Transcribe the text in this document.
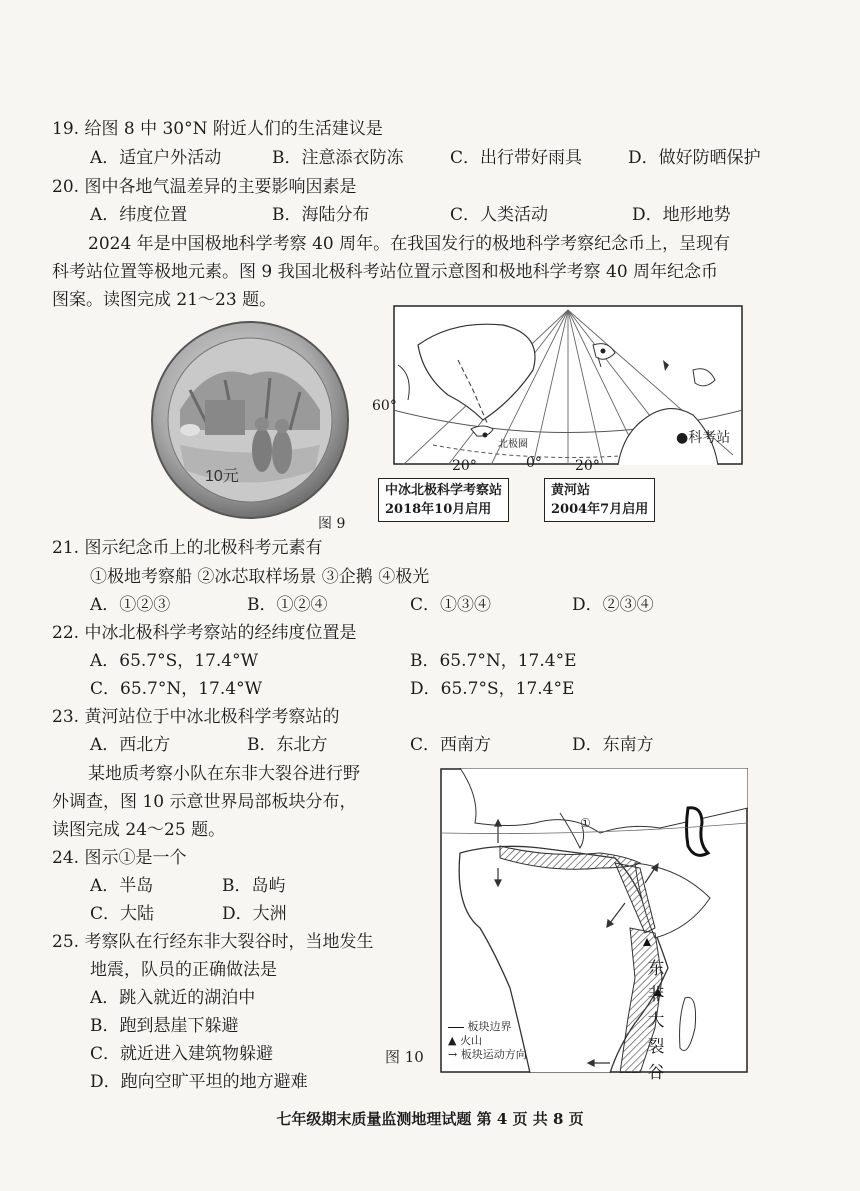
19. 给图 8 中 30°N 附近人们的生活建议是
A．适宜户外活动	B．注意添衣防冻	C．出行带好雨具	D．做好防晒保护
20. 图中各地气温差异的主要影响因素是
A．纬度位置	B．海陆分布	C．人类活动	D．地形地势
2024 年是中国极地科学考察 40 周年。在我国发行的极地科学考察纪念币上，呈现有
科考站位置等极地元素。图 9 我国北极科考站位置示意图和极地科学考察 40 周年纪念币
图案。读图完成 21～23 题。
10元
北极圈
60°
20°	0° 20°
●科考站
中冰北极科学考察站
2018年10月启用
黄河站
2004年7月启用
图 9
21. 图示纪念币上的北极科考元素有
①极地考察船 ②冰芯取样场景 ③企鹅 ④极光
A．①②③	B．①②④	C．①③④	D．②③④
22. 中冰北极科学考察站的经纬度位置是
A．65.7°S，17.4°W	B．65.7°N，17.4°E
C．65.7°N，17.4°W	D．65.7°S，17.4°E
23. 黄河站位于中冰北极科学考察站的
A．西北方	B．东北方	C．西南方	D．东南方
某地质考察小队在东非大裂谷进行野
外调查，图 10 示意世界局部板块分布，
读图完成 24～25 题。
24. 图示①是一个
A．半岛	B．岛屿
C．大陆	D．大洲
25. 考察队在行经东非大裂谷时，当地发生
地震，队员的正确做法是
A．跳入就近的湖泊中
B．跑到悬崖下躲避
C．就近进入建筑物躲避
D．跑向空旷平坦的地方避难
①
东
非
大
裂
谷
板块边界
▲ 火山
→ 板块运动方向
图 10
七年级期末质量监测地理试题 第 4 页 共 8 页
